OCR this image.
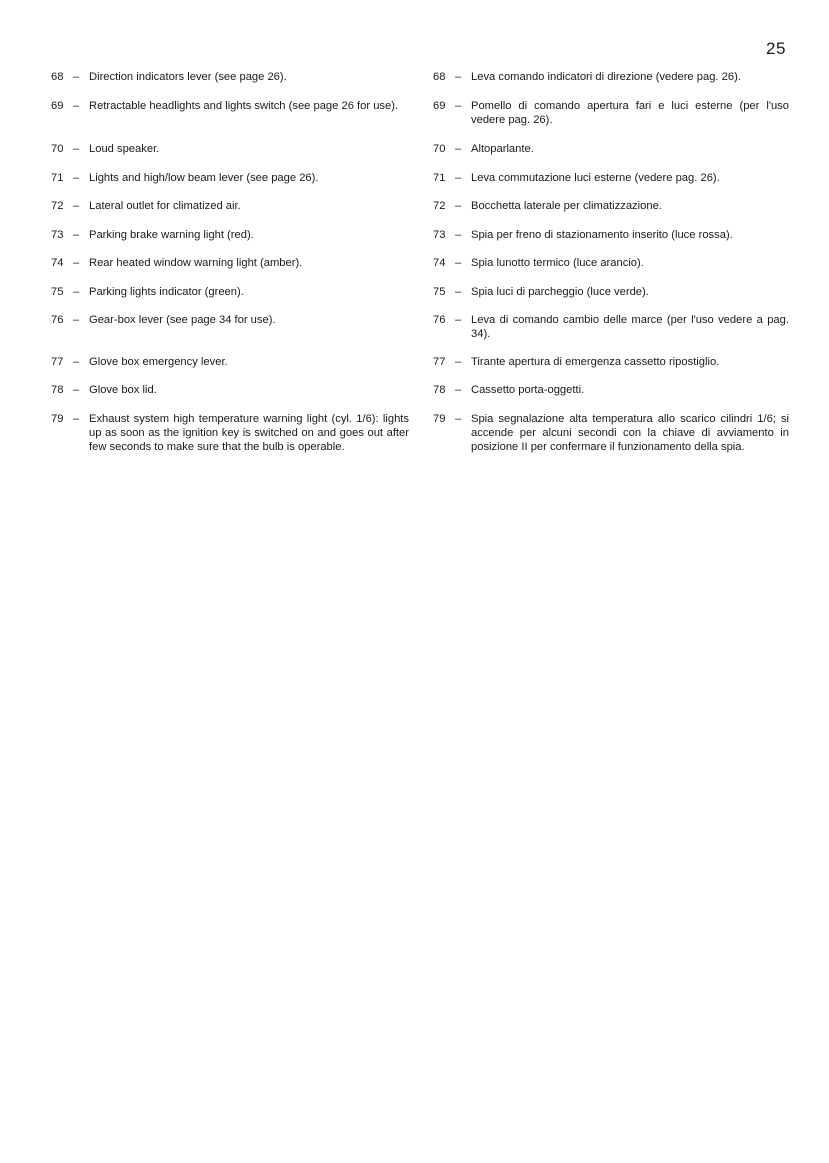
25
68 – Direction indicators lever (see page 26).
69 – Retractable headlights and lights switch (see page 26 for use).
70 – Loud speaker.
71 – Lights and high/low beam lever (see page 26).
72 – Lateral outlet for climatized air.
73 – Parking brake warning light (red).
74 – Rear heated window warning light (amber).
75 – Parking lights indicator (green).
76 – Gear-box lever (see page 34 for use).
77 – Glove box emergency lever.
78 – Glove box lid.
79 – Exhaust system high temperature warning light (cyl. 1/6): lights up as soon as the ignition key is switched on and goes out after few seconds to make sure that the bulb is operable.
68 – Leva comando indicatori di direzione (vedere pag. 26).
69 – Pomello di comando apertura fari e luci esterne (per l'uso vedere pag. 26).
70 – Altoparlante.
71 – Leva commutazione luci esterne (vedere pag. 26).
72 – Bocchetta laterale per climatizzazione.
73 – Spia per freno di stazionamento inserito (luce rossa).
74 – Spia lunotto termico (luce arancio).
75 – Spia luci di parcheggio (luce verde).
76 – Leva di comando cambio delle marce (per l'uso vedere a pag. 34).
77 – Tirante apertura di emergenza cassetto ripostiglio.
78 – Cassetto porta-oggetti.
79 – Spia segnalazione alta temperatura allo scarico cilindri 1/6; si accende per alcuni secondi con la chiave di avviamento in posizione II per confermare il funzionamento della spia.
